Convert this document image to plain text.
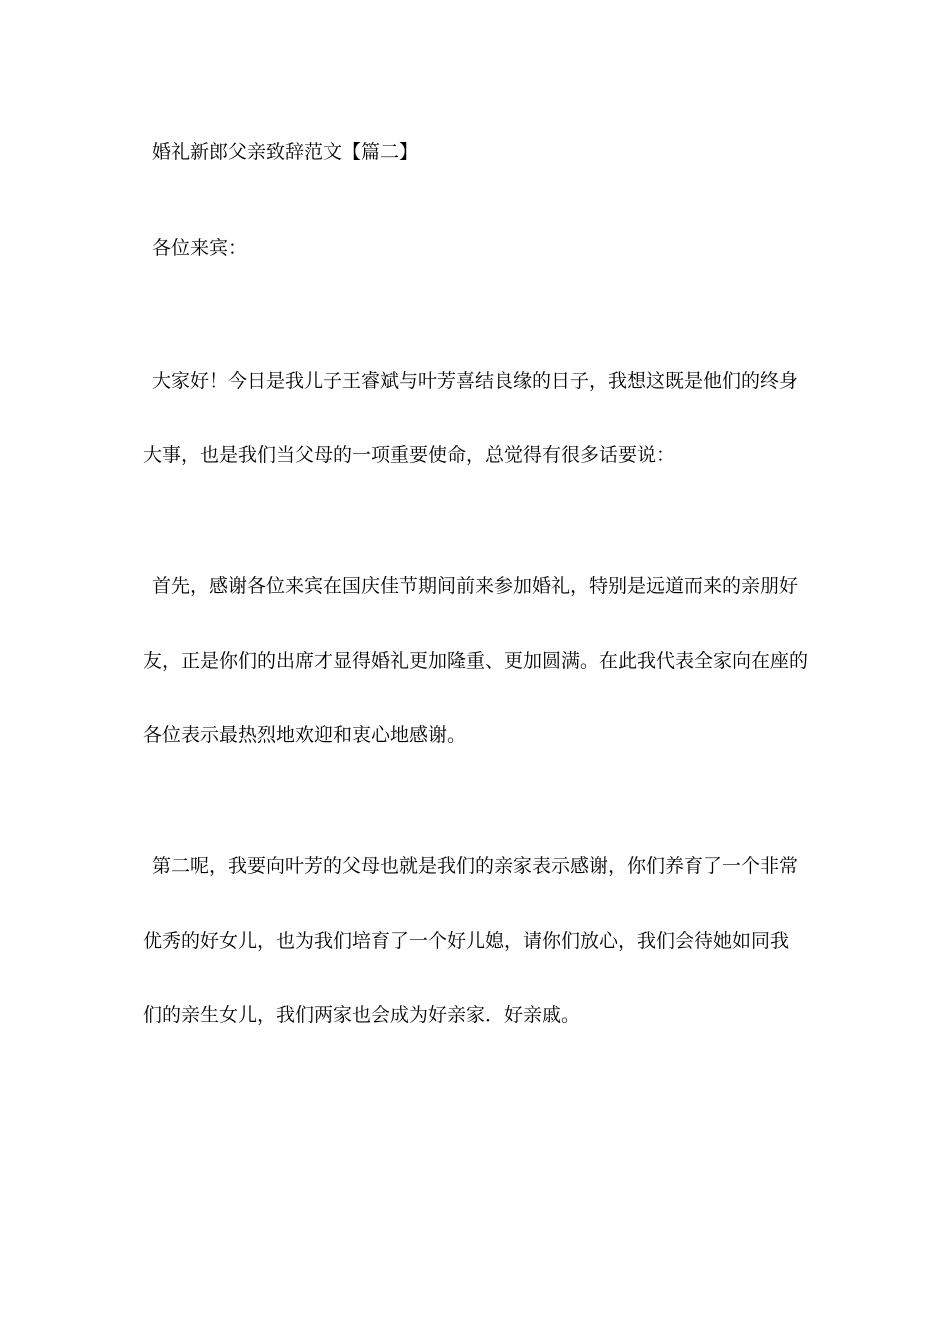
婚礼新郎父亲致辞范文【篇二】
各位来宾：
大家好！今日是我儿子王睿斌与叶芳喜结良缘的日子，我想这既是他们的终身
大事，也是我们当父母的一项重要使命，总觉得有很多话要说：
首先，感谢各位来宾在国庆佳节期间前来参加婚礼，特别是远道而来的亲朋好
友，正是你们的出席才显得婚礼更加隆重、更加圆满。在此我代表全家向在座的
各位表示最热烈地欢迎和衷心地感谢。
第二呢，我要向叶芳的父母也就是我们的亲家表示感谢，你们养育了一个非常
优秀的好女儿，也为我们培育了一个好儿媳，请你们放心，我们会待她如同我
们的亲生女儿，我们两家也会成为好亲家．好亲戚。
